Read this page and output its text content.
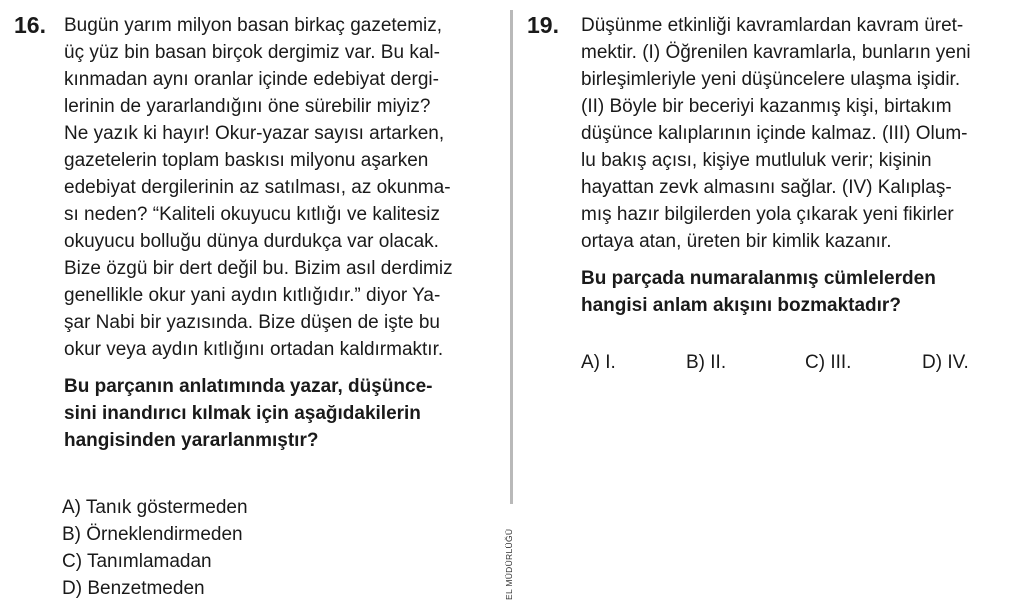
16. Bugün yarım milyon basan birkaç gazetemiz,
üç yüz bin basan birçok dergimiz var. Bu kal-
kınmadan aynı oranlar içinde edebiyat dergi-
lerinin de yararlandığını öne sürebilir miyiz?
Ne yazık ki hayır! Okur-yazar sayısı artarken,
gazetelerin toplam baskısı milyonu aşarken
edebiyat dergilerinin az satılması, az okunma-
sı neden? “Kaliteli okuyucu kıtlığı ve kalitesiz
okuyucu bolluğu dünya durdukça var olacak.
Bize özgü bir dert değil bu. Bizim asıl derdimiz
genellikle okur yani aydın kıtlığıdır.” diyor Ya-
şar Nabi bir yazısında. Bize düşen de işte bu
okur veya aydın kıtlığını ortadan kaldırmaktır.
Bu parçanın anlatımında yazar, düşünce-
sini inandırıcı kılmak için aşağıdakilerin
hangisinden yararlanmıştır?
A) Tanık göstermeden
B) Örneklendirmeden
C) Tanımlamadan
D) Benzetmeden	EL MÜDÜRLÜĞÜ
19. Düşünme etkinliği kavramlardan kavram üret-
mektir. (I) Öğrenilen kavramlarla, bunların yeni
birleşimleriyle yeni düşüncelere ulaşma işidir.
(II) Böyle bir beceriyi kazanmış kişi, birtakım
düşünce kalıplarının içinde kalmaz. (III) Olum-
lu bakış açısı, kişiye mutluluk verir; kişinin
hayattan zevk almasını sağlar. (IV) Kalıplaş-
mış hazır bilgilerden yola çıkarak yeni fikirler
ortaya atan, üreten bir kimlik kazanır.
Bu parçada numaralanmış cümlelerden
hangisi anlam akışını bozmaktadır?
A) I.	B) II.	C) III.	D) IV.
